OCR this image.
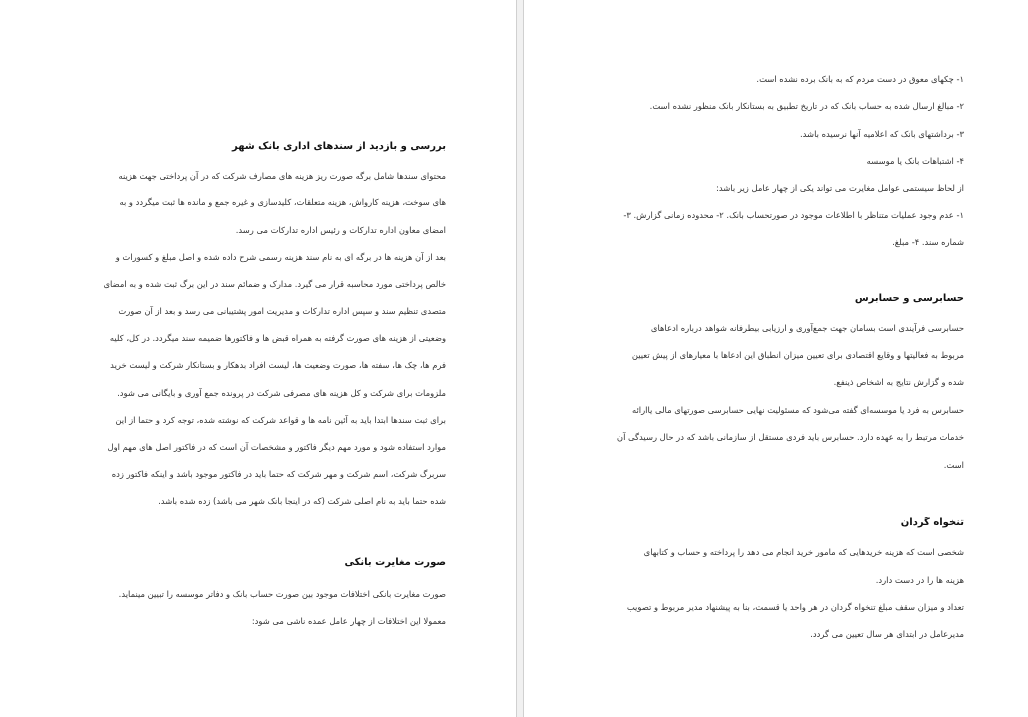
بررسی و بازدید از سندهای اداری بانک شهر
محتوای سندها شامل برگه صورت ریز هزینه های مصارف شرکت که در آن پرداختی جهت هزینه
های سوخت، هزینه کارواش، هزینه متعلقات، کلیدسازی و غیره جمع و مانده ها ثبت میگردد و به
امضای معاون اداره تدارکات و رئیس اداره تدارکات می رسد.
بعد از آن هزینه ها در برگه ای به نام سند هزینه رسمی شرح داده شده و اصل مبلغ و کسورات و
خالص پرداختی مورد محاسبه قرار می گیرد. مدارک و ضمائم سند در این برگ ثبت شده و به امضای
متصدی تنظیم سند و سپس اداره تدارکات و مدیریت امور پشتیبانی می رسد و بعد از آن صورت
وضعیتی از هزینه های صورت گرفته به همراه قبض ها و فاکتورها ضمیمه سند میگردد. در کل، کلیه
فرم ها، چک ها، سفته ها، صورت وضعیت ها، لیست افراد بدهکار و بستانکار شرکت و لیست خرید
ملزومات برای شرکت و کل هزینه های مصرفی شرکت در پرونده جمع آوری و بایگانی می شود.
برای ثبت سندها ابتدا باید به آئین نامه ها و قواعد شرکت که نوشته شده، توجه کرد و حتما از این
موارد استفاده شود و مورد مهم دیگر فاکتور و مشخصات آن است که در فاکتور اصل های مهم اول
سربرگ شرکت، اسم شرکت و مهر شرکت که حتما باید در فاکتور موجود باشد و اینکه فاکتور زده
شده حتما باید به نام اصلی شرکت (که در اینجا بانک شهر می باشد) زده شده باشد.
صورت مغایرت بانکی
صورت مغایرت بانکی اختلافات موجود بین صورت حساب بانک و دفاتر موسسه را تبیین مینماید.
معمولا این اختلافات از چهار عامل عمده ناشی می شود:
۱- چکهای معوق در دست مردم که به بانک برده نشده است.
۲- مبالغ ارسال شده به حساب بانک که در تاریخ تطبیق به بستانکار بانک منظور نشده است.
۳- برداشتهای بانک که اعلامیه آنها نرسیده باشد.
۴- اشتباهات بانک یا موسسه
از لحاظ سیستمی عوامل مغایرت می تواند یکی از چهار عامل زیر باشد:
۱- عدم وجود عملیات متناظر با اطلاعات موجود در صورتحساب بانک. ۲- محدوده زمانی گزارش. ۳-
شماره سند. ۴- مبلغ.
حسابرسی و حسابرس
حسابرسی فرآیندی است بسامان جهت جمع‌آوری و ارزیابی بیطرفانه شواهد درباره ادعاهای
مربوط به فعالیتها و وقایع اقتصادی برای تعیین میزان انطباق این ادعاها با معیارهای از پیش تعیین
شده و گزارش نتایج به اشخاص ذینفع.
حسابرس به فرد یا موسسه‌ای گفته می‌شود که مسئولیت نهایی حسابرسی صورتهای مالی یاارائه
خدمات مرتبط را به عهده دارد. حسابرس باید فردی مستقل از سازمانی باشد که در حال رسیدگی آن
است.
تنخواه گردان
شخصی است که هزینه خریدهایی که مامور خرید انجام می دهد را پرداخته و حساب و کتابهای
هزینه ها را در دست دارد.
تعداد و میزان سقف مبلغ تنخواه گردان در هر واحد یا قسمت، بنا به پیشنهاد مدیر مربوط و تصویب
مدیرعامل در ابتدای هر سال تعیین می گردد.
